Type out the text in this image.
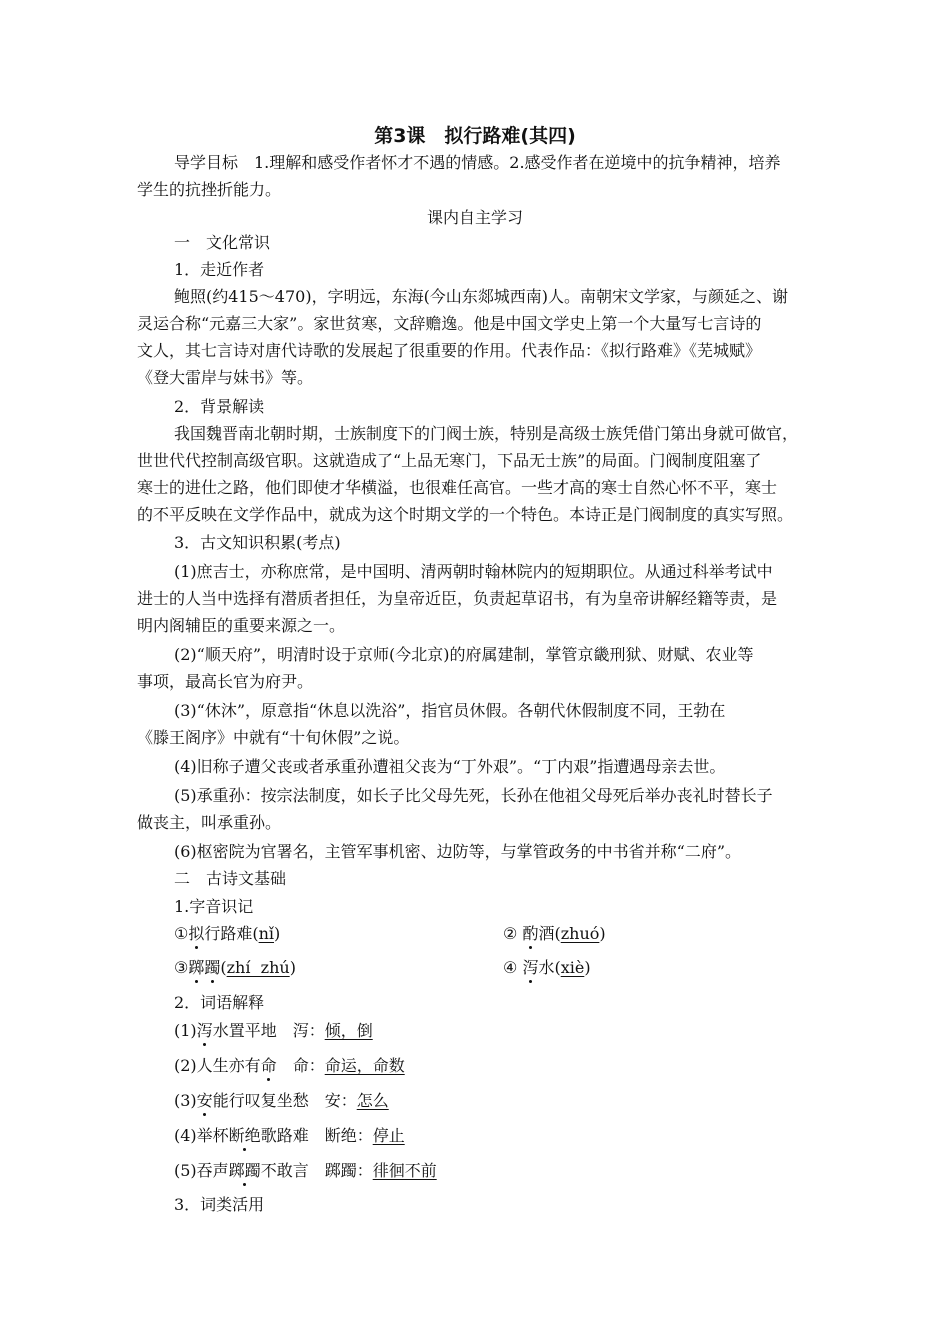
第3课　拟行路难(其四)
导学目标　1.理解和感受作者怀才不遇的情感。2.感受作者在逆境中的抗争精神，培养
学生的抗挫折能力。
课内自主学习
一　文化常识
1．走近作者
鲍照(约415～470)，字明远，东海(今山东郯城西南)人。南朝宋文学家，与颜延之、谢
灵运合称“元嘉三大家”。家世贫寒，文辞赡逸。他是中国文学史上第一个大量写七言诗的
文人，其七言诗对唐代诗歌的发展起了很重要的作用。代表作品：《拟行路难》《芜城赋》
《登大雷岸与妹书》等。
2．背景解读
我国魏晋南北朝时期，士族制度下的门阀士族，特别是高级士族凭借门第出身就可做官，
世世代代控制高级官职。这就造成了“上品无寒门，下品无士族”的局面。门阀制度阻塞了
寒士的进仕之路，他们即使才华横溢，也很难任高官。一些才高的寒士自然心怀不平，寒士
的不平反映在文学作品中，就成为这个时期文学的一个特色。本诗正是门阀制度的真实写照。
3．古文知识积累(考点)
(1)庶吉士，亦称庶常，是中国明、清两朝时翰林院内的短期职位。从通过科举考试中
进士的人当中选择有潜质者担任，为皇帝近臣，负责起草诏书，有为皇帝讲解经籍等责，是
明内阁辅臣的重要来源之一。
(2)“顺天府”，明清时设于京师(今北京)的府属建制，掌管京畿刑狱、财赋、农业等
事项，最高长官为府尹。
(3)“休沐”，原意指“休息以洗浴”，指官员休假。各朝代休假制度不同，王勃在
《滕王阁序》中就有“十旬休假”之说。
(4)旧称子遭父丧或者承重孙遭祖父丧为“丁外艰”。“丁内艰”指遭遇母亲去世。
(5)承重孙：按宗法制度，如长子比父母先死，长孙在他祖父母死后举办丧礼时替长子
做丧主，叫承重孙。
(6)枢密院为官署名，主管军事机密、边防等，与掌管政务的中书省并称“二府”。
二　古诗文基础
1.字音识记
①拟行路难(nǐ)	② 酌酒(zhuó)
③踯躅(zhí  zhú)	④ 泻水(xiè)
2．词语解释
(1)泻水置平地　泻：倾，倒
(2)人生亦有命　命：命运，命数
(3)安能行叹复坐愁　安：怎么
(4)举杯断绝歌路难　断绝：停止
(5)吞声踯躅不敢言　踯躅：徘徊不前
3．词类活用
